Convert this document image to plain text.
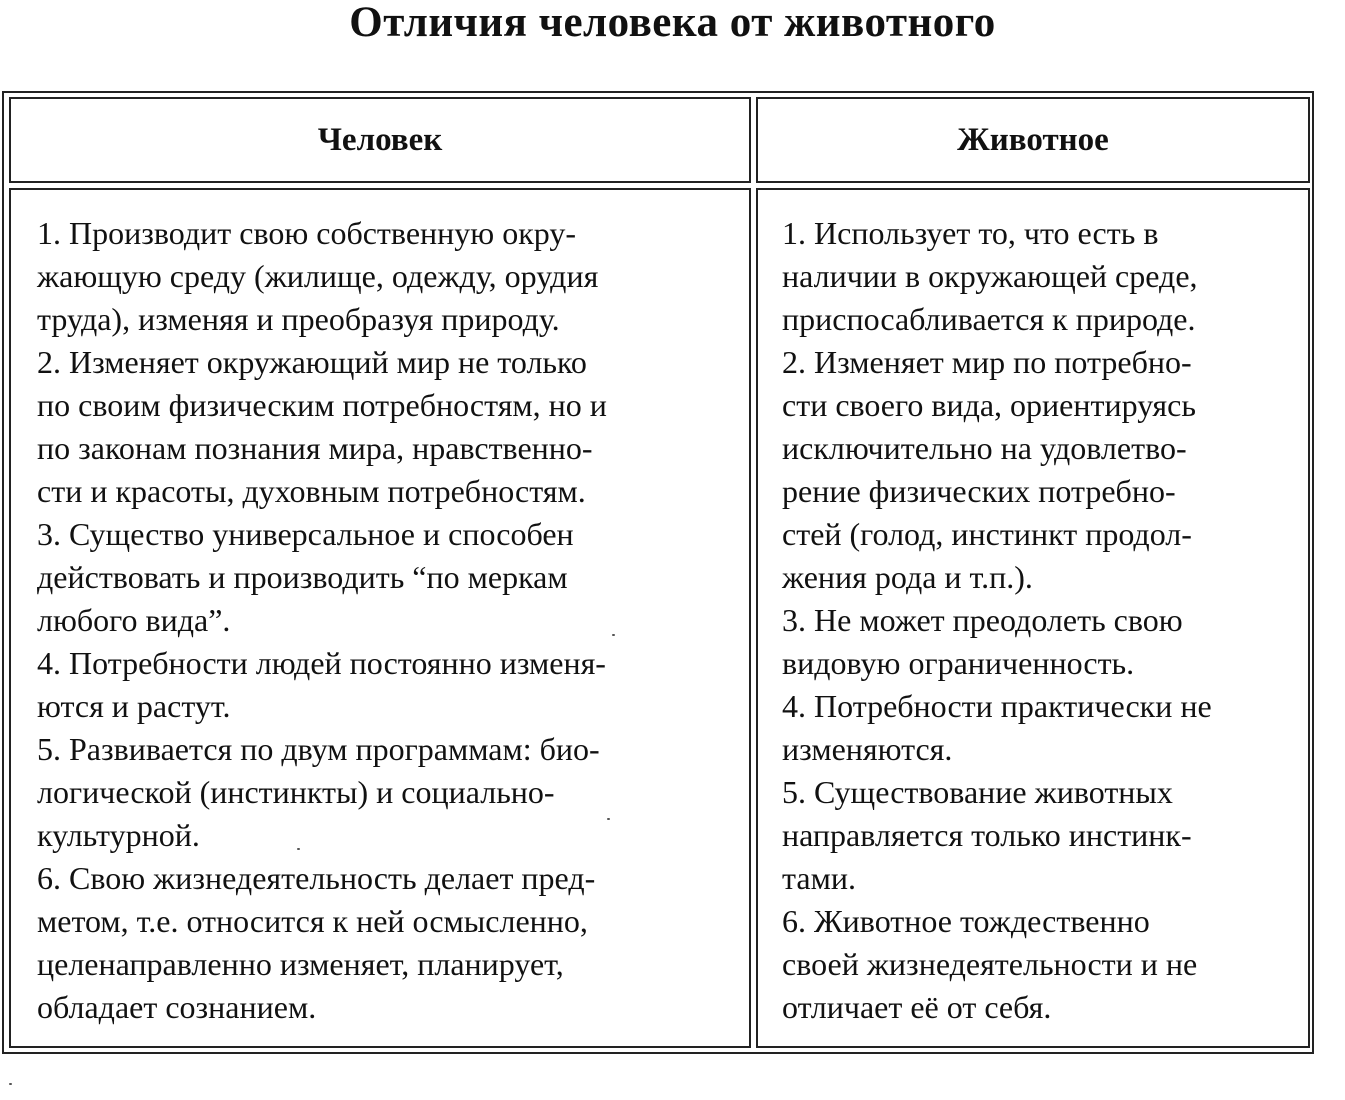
Отличия человека от животного
Человек	Животное

1. Производит свою собственную окру-
жающую среду (жилище, одежду, орудия
труда), изменяя и преобразуя природу.
2. Изменяет окружающий мир не только
по своим физическим потребностям, но и
по законам познания мира, нравственно-
сти и красоты, духовным потребностям.
3. Существо универсальное и способен
действовать и производить “по меркам
любого вида”.
4. Потребности людей постоянно изменя-
ются и растут.
5. Развивается по двум программам: био-
логической (инстинкты) и социально-
культурной.
6. Свою жизнедеятельность делает пред-
метом, т.е. относится к ней осмысленно,
целенаправленно изменяет, планирует,
обладает сознанием.

1. Использует то, что есть в
наличии в окружающей среде,
приспосабливается к природе.
2. Изменяет мир по потребно-
сти своего вида, ориентируясь
исключительно на удовлетво-
рение физических потребно-
стей (голод, инстинкт продол-
жения рода и т.п.).
3. Не может преодолеть свою
видовую ограниченность.
4. Потребности практически не
изменяются.
5. Существование животных
направляется только инстинк-
тами.
6. Животное тождественно
своей жизнедеятельности и не
отличает её от себя.
